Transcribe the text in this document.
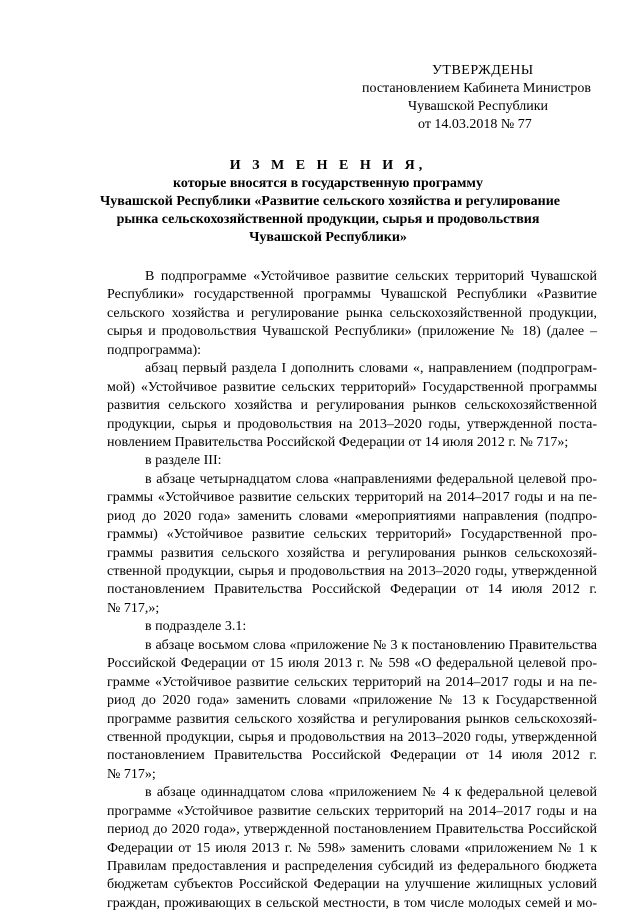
УТВЕРЖДЕНЫ
постановлением Кабинета Министров
Чувашской Республики
от 14.03.2018 № 77
И З М Е Н Е Н И Я,
которые вносятся в государственную программу
Чувашской Республики «Развитие сельского хозяйства и регулирование
рынка сельскохозяйственной продукции, сырья и продовольствия
Чувашской Республики»
В подпрограмме «Устойчивое развитие сельских территорий Чувашской
Республики» государственной программы Чувашской Республики «Развитие
сельского хозяйства и регулирование рынка сельскохозяйственной продукции,
сырья и продовольствия Чувашской Республики» (приложение № 18) (далее –
подпрограмма):
абзац первый раздела I дополнить словами «, направлением (подпрограм-
мой) «Устойчивое развитие сельских территорий» Государственной программы
развития сельского хозяйства и регулирования рынков сельскохозяйственной
продукции, сырья и продовольствия на 2013–2020 годы, утвержденной поста-
новлением Правительства Российской Федерации от 14 июля 2012 г. № 717»;
в разделе III:
в абзаце четырнадцатом слова «направлениями федеральной целевой про-
граммы «Устойчивое развитие сельских территорий на 2014–2017 годы и на пе-
риод до 2020 года» заменить словами «мероприятиями направления (подпро-
граммы) «Устойчивое развитие сельских территорий» Государственной про-
граммы развития сельского хозяйства и регулирования рынков сельскохозяй-
ственной продукции, сырья и продовольствия на 2013–2020 годы, утвержденной
постановлением Правительства Российской Федерации от 14 июля 2012 г.
№ 717,»;
в подразделе 3.1:
в абзаце восьмом слова «приложение № 3 к постановлению Правительства
Российской Федерации от 15 июля 2013 г. № 598 «О федеральной целевой про-
грамме «Устойчивое развитие сельских территорий на 2014–2017 годы и на пе-
риод до 2020 года» заменить словами «приложение № 13 к Государственной
программе развития сельского хозяйства и регулирования рынков сельскохозяй-
ственной продукции, сырья и продовольствия на 2013–2020 годы, утвержденной
постановлением Правительства Российской Федерации от 14 июля 2012 г.
№ 717»;
в абзаце одиннадцатом слова «приложением № 4 к федеральной целевой
программе «Устойчивое развитие сельских территорий на 2014–2017 годы и на
период до 2020 года», утвержденной постановлением Правительства Российской
Федерации от 15 июля 2013 г. № 598» заменить словами «приложением № 1 к
Правилам предоставления и распределения субсидий из федерального бюджета
бюджетам субъектов Российской Федерации на улучшение жилищных условий
граждан, проживающих в сельской местности, в том числе молодых семей и мо-
